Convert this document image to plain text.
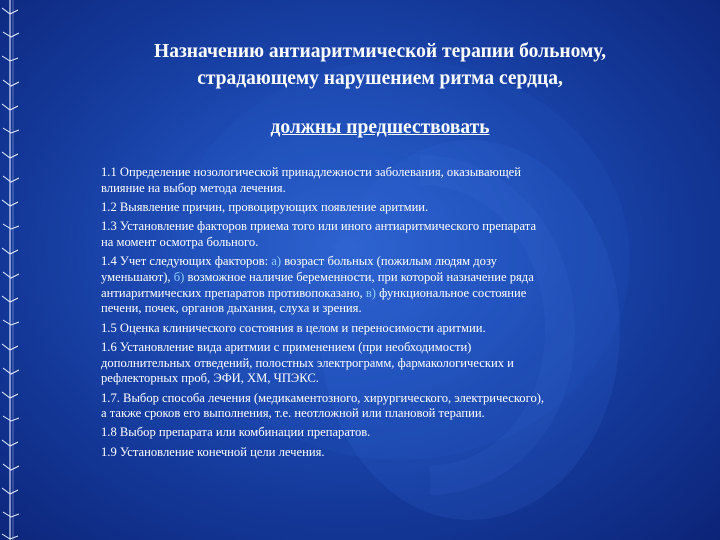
Назначению антиаритмической терапии больному,
страдающему нарушением ритма сердца,
должны предшествовать
1.1 Определение нозологической принадлежности заболевания, оказывающей
влияние на выбор метода лечения.
1.2 Выявление причин, провоцирующих появление аритмии.
1.3 Установление факторов приема того или иного антиаритмического препарата
на момент осмотра больного.
1.4 Учет следующих факторов: а) возраст больных (пожилым людям дозу
уменьшают), б) возможное наличие беременности, при которой назначение ряда
антиаритмических препаратов противопоказано, в) функциональное состояние
печени, почек, органов дыхания, слуха и зрения.
1.5 Оценка клинического состояния в целом и переносимости аритмии.
1.6 Установление вида аритмии с применением (при необходимости)
дополнительных отведений, полостных электрограмм, фармакологических и
рефлекторных проб, ЭФИ, ХМ, ЧПЭКС.
1.7. Выбор способа лечения (медикаментозного, хирургического, электрического),
а также сроков его выполнения, т.е. неотложной или плановой терапии.
1.8 Выбор препарата или комбинации препаратов.
1.9 Установление конечной цели лечения.
